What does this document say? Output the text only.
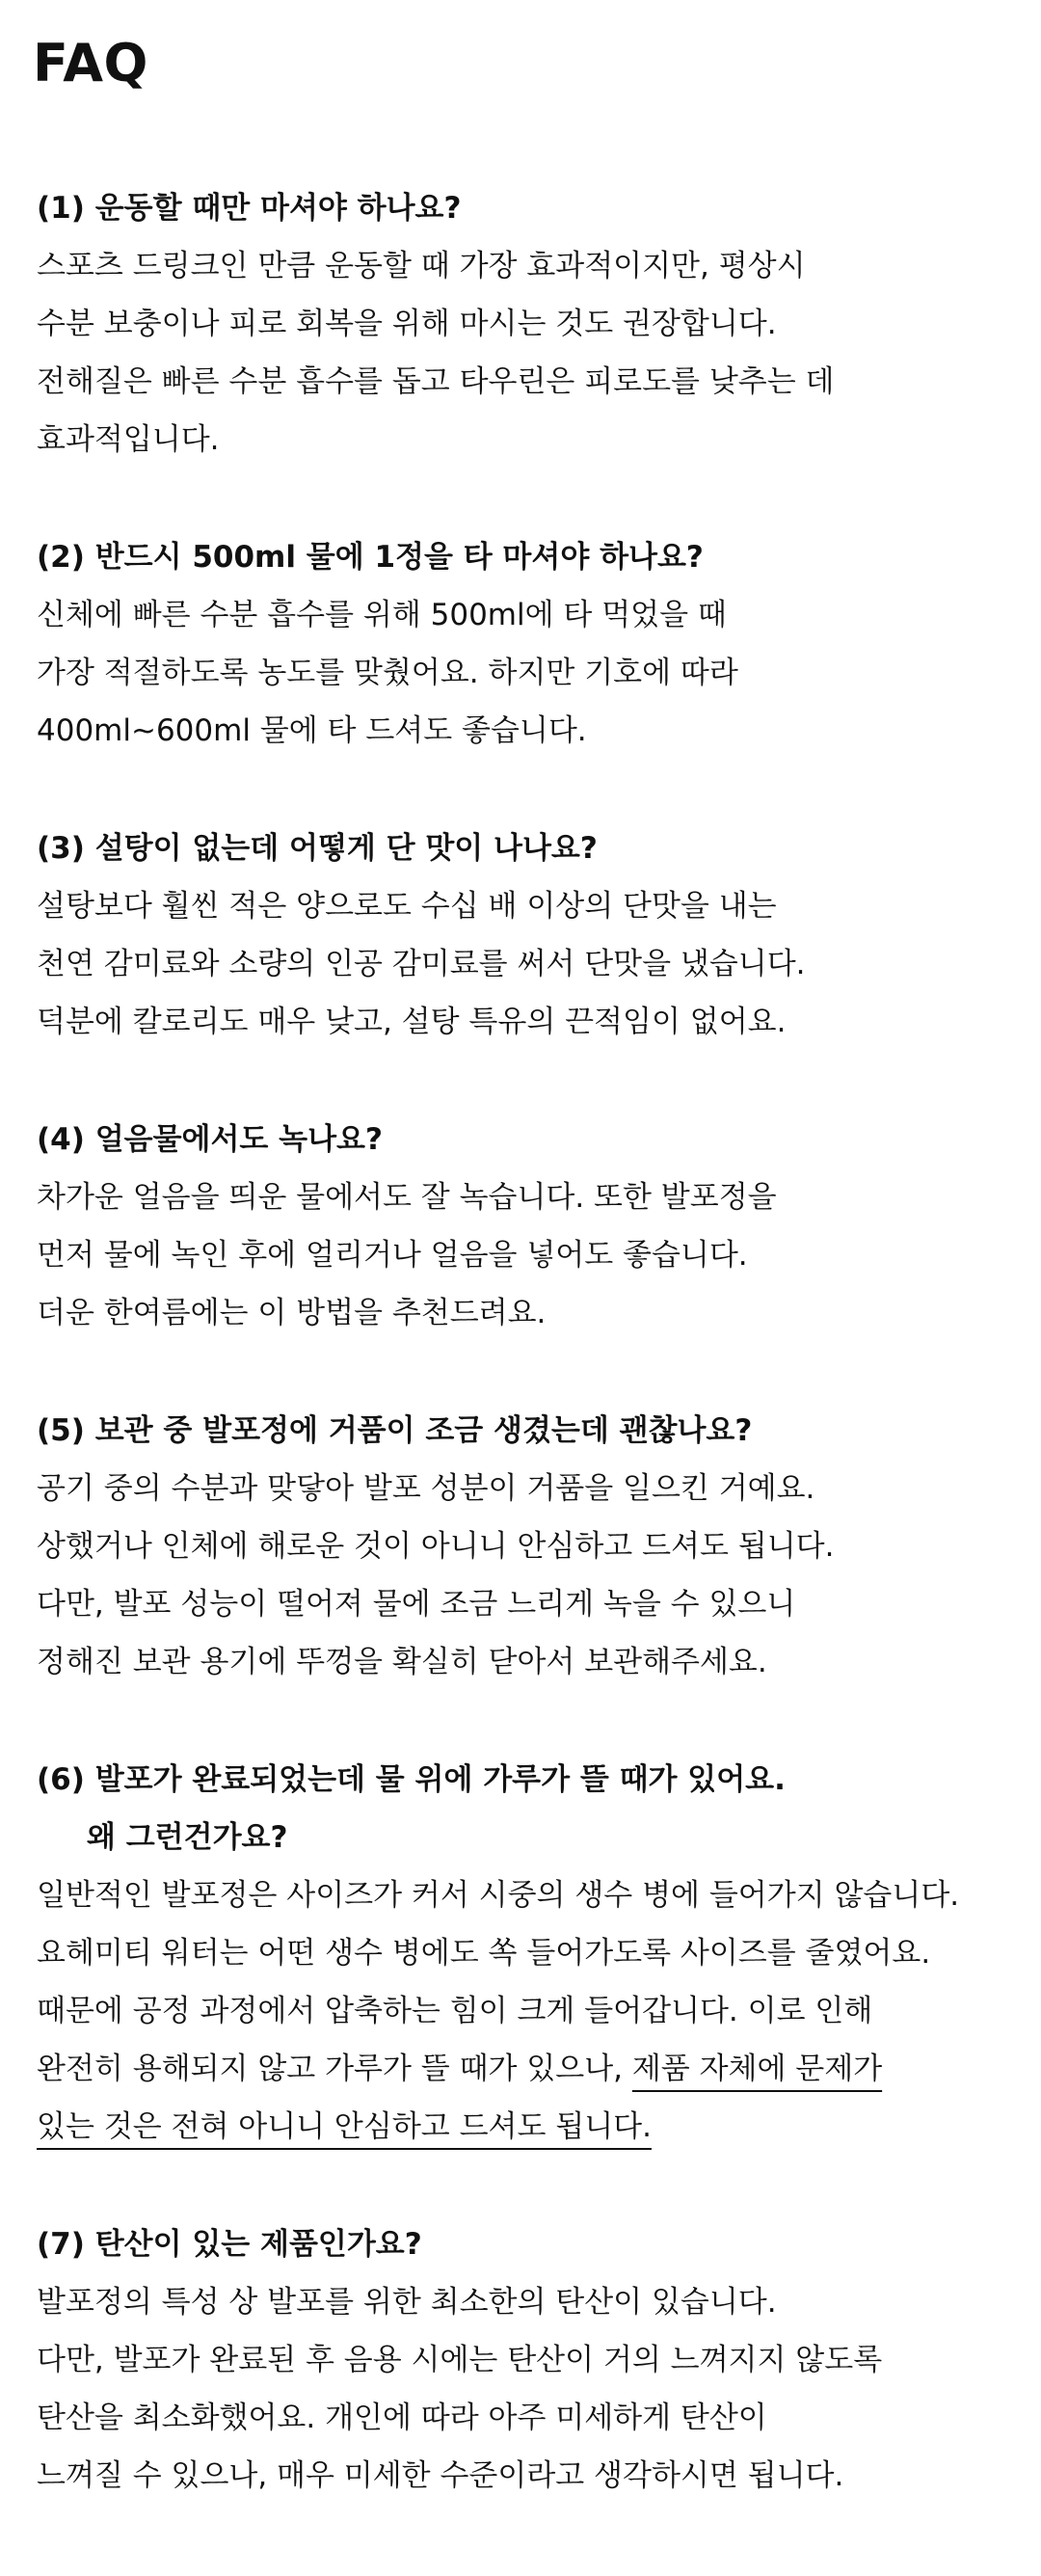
FAQ

(1) 운동할 때만 마셔야 하나요?

스포츠 드링크인 만큼 운동할 때 가장 효과적이지만, 평상시
수분 보충이나 피로 회복을 위해 마시는 것도 권장합니다.
전해질은 빠른 수분 흡수를 돕고 타우린은 피로도를 낮추는 데
효과적입니다.

(2) 반드시 500ml 물에 1정을 타 마셔야 하나요?

신체에 빠른 수분 흡수를 위해 500ml에 타 먹었을 때
가장 적절하도록 농도를 맞췄어요. 하지만 기호에 따라
400ml~600ml 물에 타 드셔도 좋습니다.

(3) 설탕이 없는데 어떻게 단 맛이 나나요?

설탕보다 훨씬 적은 양으로도 수십 배 이상의 단맛을 내는
천연 감미료와 소량의 인공 감미료를 써서 단맛을 냈습니다.
덕분에 칼로리도 매우 낮고, 설탕 특유의 끈적임이 없어요.

(4) 얼음물에서도 녹나요?

차가운 얼음을 띄운 물에서도 잘 녹습니다. 또한 발포정을
먼저 물에 녹인 후에 얼리거나 얼음을 넣어도 좋습니다.
더운 한여름에는 이 방법을 추천드려요.

(5) 보관 중 발포정에 거품이 조금 생겼는데 괜찮나요?

공기 중의 수분과 맞닿아 발포 성분이 거품을 일으킨 거예요.
상했거나 인체에 해로운 것이 아니니 안심하고 드셔도 됩니다.
다만, 발포 성능이 떨어져 물에 조금 느리게 녹을 수 있으니
정해진 보관 용기에 뚜껑을 확실히 닫아서 보관해주세요.

(6) 발포가 완료되었는데 물 위에 가루가 뜰 때가 있어요.
왜 그런건가요?

일반적인 발포정은 사이즈가 커서 시중의 생수 병에 들어가지 않습니다.
요헤미티 워터는 어떤 생수 병에도 쏙 들어가도록 사이즈를 줄였어요.
때문에 공정 과정에서 압축하는 힘이 크게 들어갑니다. 이로 인해
완전히 용해되지 않고 가루가 뜰 때가 있으나, 제품 자체에 문제가
있는 것은 전혀 아니니 안심하고 드셔도 됩니다.

(7) 탄산이 있는 제품인가요?

발포정의 특성 상 발포를 위한 최소한의 탄산이 있습니다.
다만, 발포가 완료된 후 음용 시에는 탄산이 거의 느껴지지 않도록
탄산을 최소화했어요. 개인에 따라 아주 미세하게 탄산이
느껴질 수 있으나, 매우 미세한 수준이라고 생각하시면 됩니다.
